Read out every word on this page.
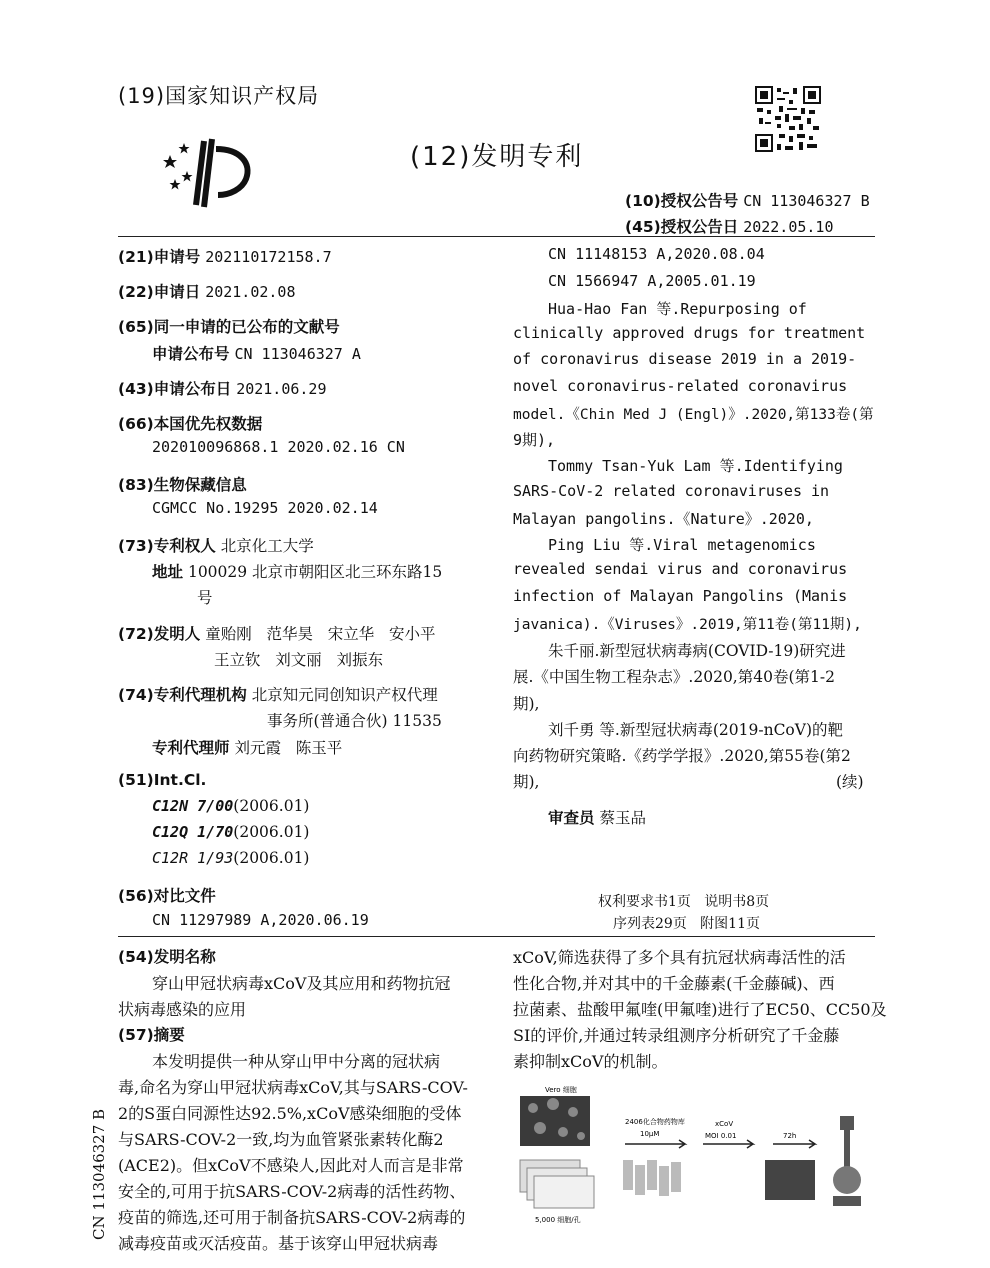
(19)国家知识产权局
(12)发明专利
(10)授权公告号 CN 113046327 B
(45)授权公告日 2022.05.10
(21)申请号 202110172158.7
(22)申请日 2021.02.08
(65)同一申请的已公布的文献号
申请公布号 CN 113046327 A
(43)申请公布日 2021.06.29
(66)本国优先权数据
202010096868.1 2020.02.16 CN
(83)生物保藏信息
CGMCC No.19295 2020.02.14
(73)专利权人 北京化工大学
地址 100029 北京市朝阳区北三环东路15
号
(72)发明人 童贻刚   范华昊   宋立华   安小平
王立钦   刘文丽   刘振东
(74)专利代理机构 北京知元同创知识产权代理
事务所(普通合伙) 11535
专利代理师 刘元霞   陈玉平
(51)Int.Cl.
C12N 7/00(2006.01)
C12Q 1/70(2006.01)
C12R 1/93(2006.01)
(56)对比文件
CN 11297989 A,2020.06.19
CN 11148153 A,2020.08.04
CN 1566947 A,2005.01.19
Hua-Hao Fan 等.Repurposing of
clinically approved drugs for treatment
of coronavirus disease 2019 in a 2019-
novel coronavirus-related coronavirus
model.《Chin Med J (Engl)》.2020,第133卷(第
9期),
Tommy Tsan-Yuk Lam 等.Identifying
SARS-CoV-2 related coronaviruses in
Malayan pangolins.《Nature》.2020,
Ping Liu 等.Viral metagenomics
revealed sendai virus and coronavirus
infection of Malayan Pangolins (Manis
javanica).《Viruses》.2019,第11卷(第11期),
朱千丽.新型冠状病毒病(COVID-19)研究进
展.《中国生物工程杂志》.2020,第40卷(第1-2
期),
刘千勇 等.新型冠状病毒(2019-nCoV)的靶
向药物研究策略.《药学学报》.2020,第55卷(第2
期),	(续)
审查员 蔡玉品
权利要求书1页   说明书8页
序列表29页   附图11页
(54)发明名称
穿山甲冠状病毒xCoV及其应用和药物抗冠
状病毒感染的应用
(57)摘要
本发明提供一种从穿山甲中分离的冠状病
毒,命名为穿山甲冠状病毒xCoV,其与SARS-COV-
2的S蛋白同源性达92.5%,xCoV感染细胞的受体
与SARS-COV-2一致,均为血管紧张素转化酶2
(ACE2)。但xCoV不感染人,因此对人而言是非常
安全的,可用于抗SARS-COV-2病毒的活性药物、
疫苗的筛选,还可用于制备抗SARS-COV-2病毒的
减毒疫苗或灭活疫苗。基于该穿山甲冠状病毒
xCoV,筛选获得了多个具有抗冠状病毒活性的活
性化合物,并对其中的千金藤素(千金藤碱)、西
拉菌素、盐酸甲氟喹(甲氟喹)进行了EC50、CC50及
SI的评价,并通过转录组测序分析研究了千金藤
素抑制xCoV的机制。
Vero 细胞
5,000 细胞/孔
2406化合物药物库
10μM
xCoV
MOI 0.01	72h
CN 113046327 B
